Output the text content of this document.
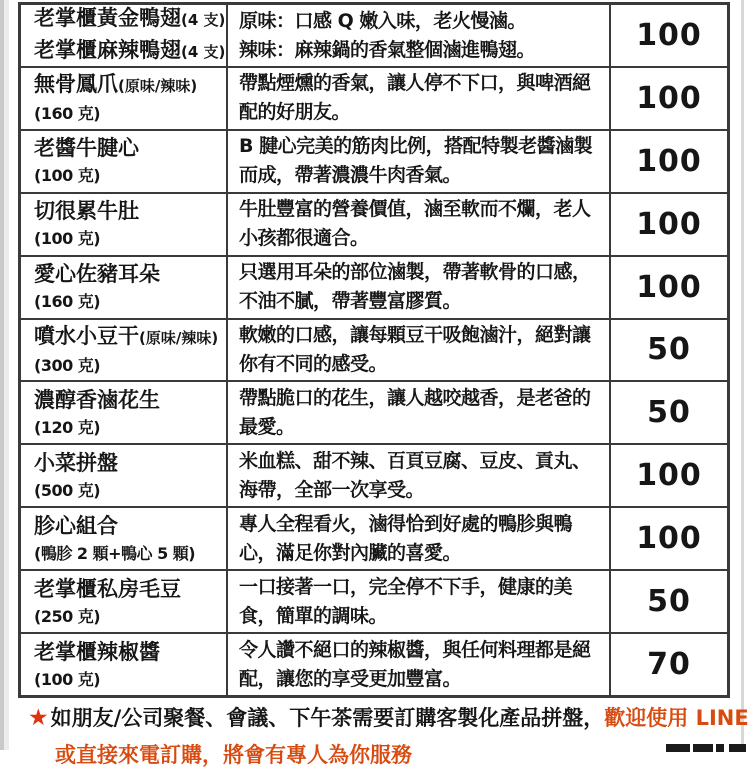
老掌櫃黃金鴨翅(4 支)
老掌櫃麻辣鴨翅(4 支)
原味：口感 Q 嫩入味，老火慢滷。
辣味：麻辣鍋的香氣整個滷進鴨翅。	100
無骨鳳爪(原味/辣味)
(160 克)
帶點煙燻的香氣，讓人停不下口，與啤酒絕配的好朋友。	100
老醬牛腱心
(100 克)
B 腱心完美的筋肉比例，搭配特製老醬滷製而成，帶著濃濃牛肉香氣。	100
切很累牛肚
(100 克)
牛肚豐富的營養價值，滷至軟而不爛，老人小孩都很適合。	100
愛心佐豬耳朵
(160 克)
只選用耳朵的部位滷製，帶著軟骨的口感，不油不膩，帶著豐富膠質。	100
噴水小豆干(原味/辣味)
(300 克)
軟嫩的口感，讓每顆豆干吸飽滷汁，絕對讓你有不同的感受。	50
濃醇香滷花生
(120 克)
帶點脆口的花生，讓人越咬越香，是老爸的最愛。	50
小菜拼盤
(500 克)
米血糕、甜不辣、百頁豆腐、豆皮、貢丸、海帶，全部一次享受。	100
胗心組合
(鴨胗 2 顆+鴨心 5 顆)
專人全程看火，滷得恰到好處的鴨胗與鴨心，滿足你對內臟的喜愛。	100
老掌櫃私房毛豆
(250 克)
一口接著一口，完全停不下手，健康的美食，簡單的調味。	50
老掌櫃辣椒醬
(100 克)
令人讚不絕口的辣椒醬，與任何料理都是絕配，讓您的享受更加豐富。	70
★如朋友/公司聚餐、會議、下午茶需要訂購客製化產品拼盤，歡迎使用 LINE
或直接來電訂購，將會有專人為你服務
